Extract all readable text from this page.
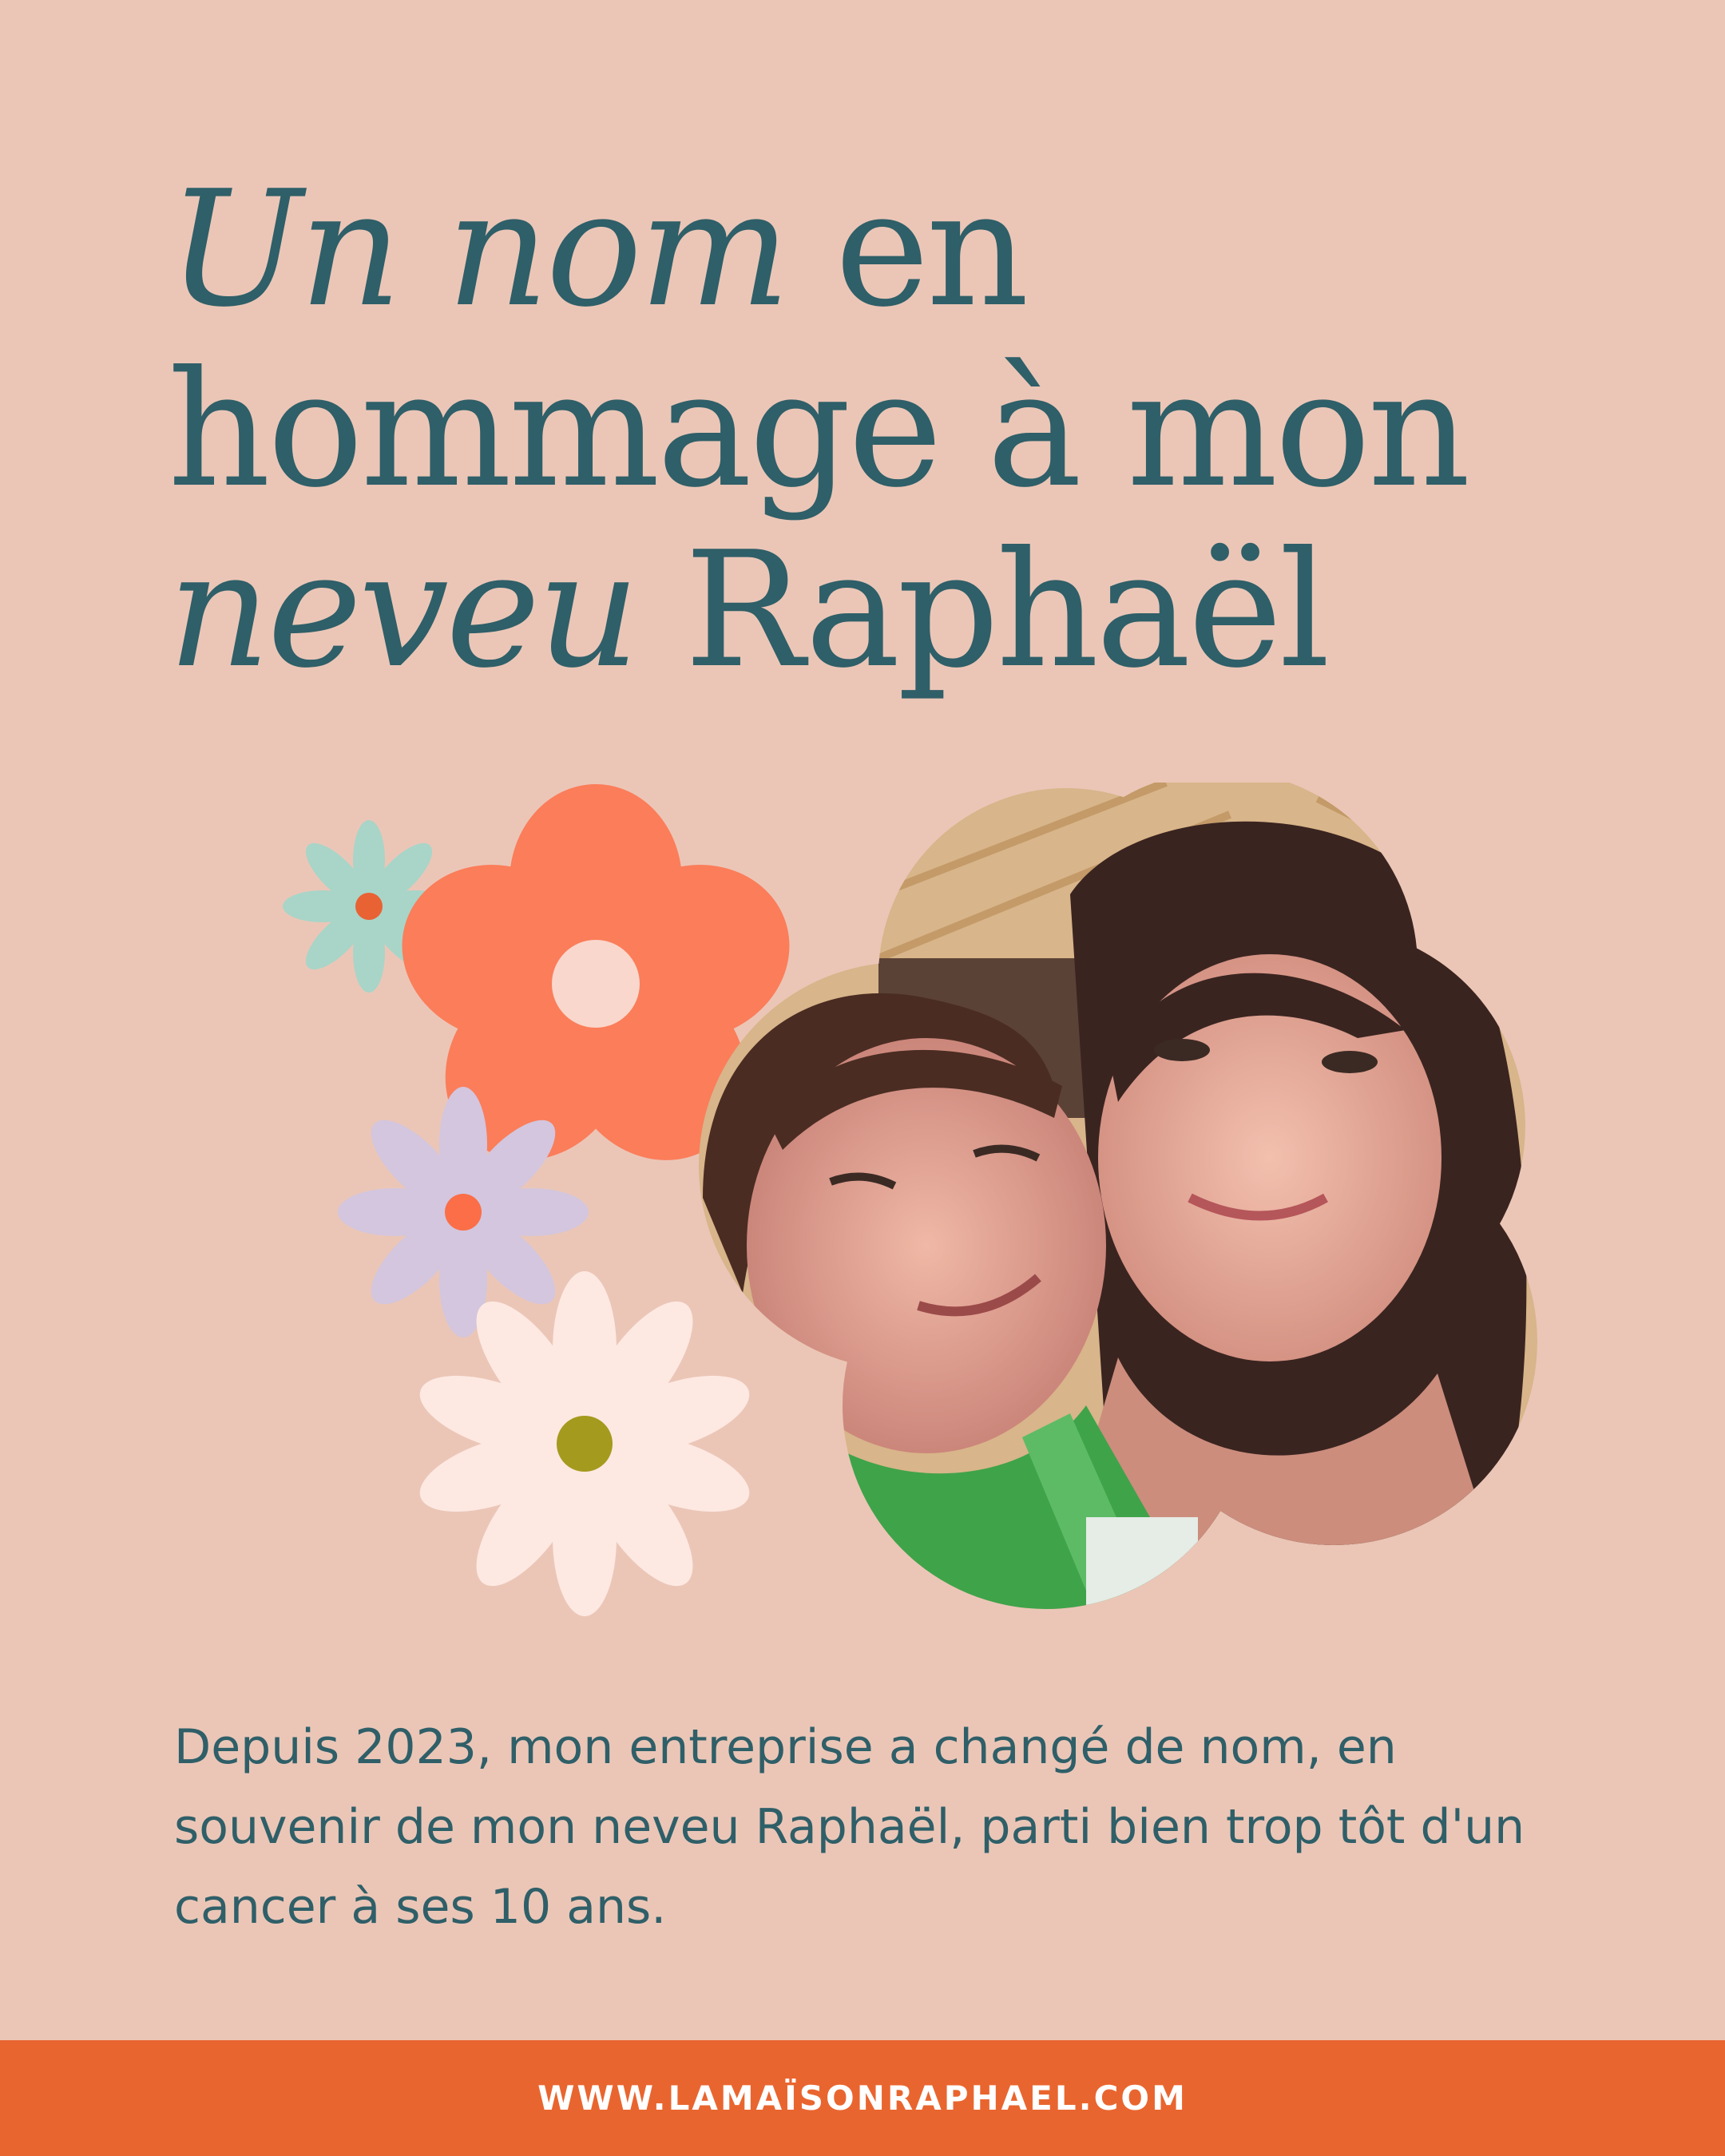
Un nom en
hommage à mon
neveu Raphaël

Depuis 2023, mon entreprise a changé de nom, en souvenir de mon neveu Raphaël, parti bien trop tôt d'un cancer à ses 10 ans.

WWW.LAMAÏSONRAPHAEL.COM
